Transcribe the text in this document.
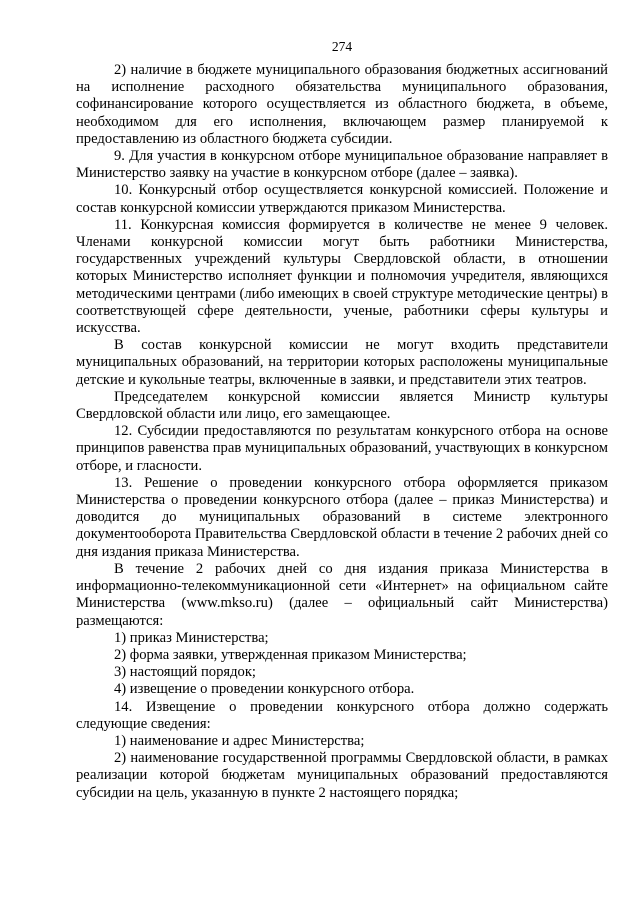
274

2) наличие в бюджете муниципального образования бюджетных ассигнований на исполнение расходного обязательства муниципального образования, софинансирование которого осуществляется из областного бюджета, в объеме, необходимом для его исполнения, включающем размер планируемой к предоставлению из областного бюджета субсидии.

9. Для участия в конкурсном отборе муниципальное образование направляет в Министерство заявку на участие в конкурсном отборе (далее – заявка).

10. Конкурсный отбор осуществляется конкурсной комиссией. Положение и состав конкурсной комиссии утверждаются приказом Министерства.

11. Конкурсная комиссия формируется в количестве не менее 9 человек. Членами конкурсной комиссии могут быть работники Министерства, государственных учреждений культуры Свердловской области, в отношении которых Министерство исполняет функции и полномочия учредителя, являющихся методическими центрами (либо имеющих в своей структуре методические центры) в соответствующей сфере деятельности, ученые, работники сферы культуры и искусства.

В состав конкурсной комиссии не могут входить представители муниципальных образований, на территории которых расположены муниципальные детские и кукольные театры, включенные в заявки, и представители этих театров.

Председателем конкурсной комиссии является Министр культуры Свердловской области или лицо, его замещающее.

12. Субсидии предоставляются по результатам конкурсного отбора на основе принципов равенства прав муниципальных образований, участвующих в конкурсном отборе, и гласности.

13. Решение о проведении конкурсного отбора оформляется приказом Министерства о проведении конкурсного отбора (далее – приказ Министерства) и доводится до муниципальных образований в системе электронного документооборота Правительства Свердловской области в течение 2 рабочих дней со дня издания приказа Министерства.

В течение 2 рабочих дней со дня издания приказа Министерства в информационно-телекоммуникационной сети «Интернет» на официальном сайте Министерства (www.mkso.ru) (далее – официальный сайт Министерства) размещаются:

1) приказ Министерства;

2) форма заявки, утвержденная приказом Министерства;

3) настоящий порядок;

4) извещение о проведении конкурсного отбора.

14. Извещение о проведении конкурсного отбора должно содержать следующие сведения:

1) наименование и адрес Министерства;

2) наименование государственной программы Свердловской области, в рамках реализации которой бюджетам муниципальных образований предоставляются субсидии на цель, указанную в пункте 2 настоящего порядка;
